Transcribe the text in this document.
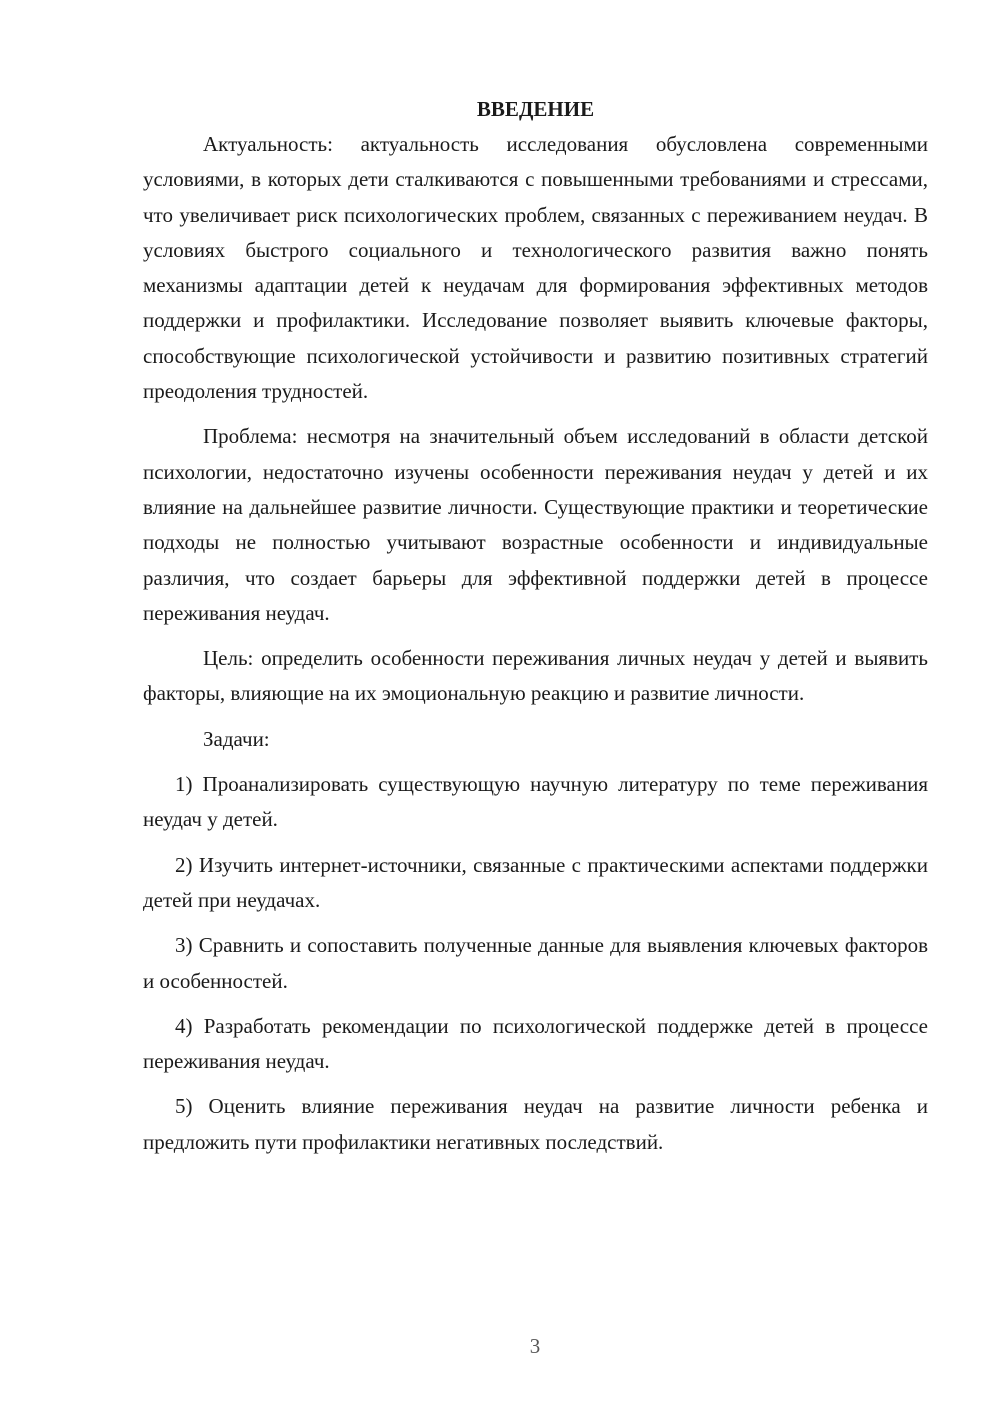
ВВЕДЕНИЕ

Актуальность: актуальность исследования обусловлена современными условиями, в которых дети сталкиваются с повышенными требованиями и стрессами, что увеличивает риск психологических проблем, связанных с переживанием неудач. В условиях быстрого социального и технологического развития важно понять механизмы адаптации детей к неудачам для формирования эффективных методов поддержки и профилактики. Исследование позволяет выявить ключевые факторы, способствующие психологической устойчивости и развитию позитивных стратегий преодоления трудностей.

Проблема: несмотря на значительный объем исследований в области детской психологии, недостаточно изучены особенности переживания неудач у детей и их влияние на дальнейшее развитие личности. Существующие практики и теоретические подходы не полностью учитывают возрастные особенности и индивидуальные различия, что создает барьеры для эффективной поддержки детей в процессе переживания неудач.

Цель: определить особенности переживания личных неудач у детей и выявить факторы, влияющие на их эмоциональную реакцию и развитие личности.

Задачи:

1) Проанализировать существующую научную литературу по теме переживания неудач у детей.

2) Изучить интернет-источники, связанные с практическими аспектами поддержки детей при неудачах.

3) Сравнить и сопоставить полученные данные для выявления ключевых факторов и особенностей.

4) Разработать рекомендации по психологической поддержке детей в процессе переживания неудач.

5) Оценить влияние переживания неудач на развитие личности ребенка и предложить пути профилактики негативных последствий.

3
